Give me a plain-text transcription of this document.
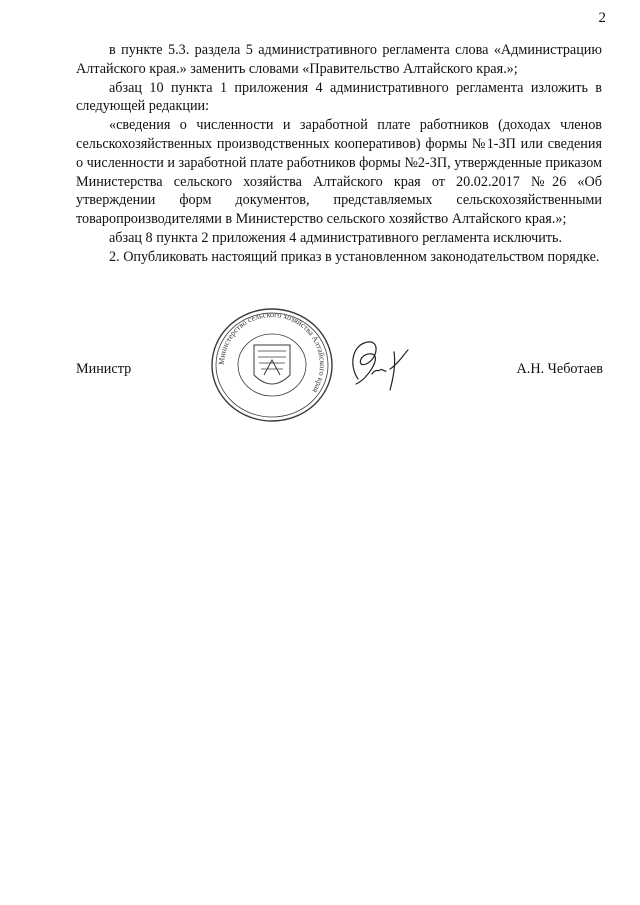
2

в пункте 5.3. раздела 5 административного регламента слова «Администрацию Алтайского края.» заменить словами «Правительство Алтайского края.»;

абзац 10 пункта 1 приложения 4 административного регламента изложить в следующей редакции:

«сведения о численности и заработной плате работников (доходах членов сельскохозяйственных производственных кооперативов) формы №1-ЗП или сведения о численности и заработной плате работников формы №2-ЗП, утвержденные приказом Министерства сельского хозяйства Алтайского края от 20.02.2017 №26 «Об утверждении форм документов, представляемых сельскохозяйственными товаропроизводителями в Министерство сельского хозяйство Алтайского края.»;

абзац 8 пункта 2 приложения 4 административного регламента исключить.

2. Опубликовать настоящий приказ в установленном законодательством порядке.

Министерство сельского хозяйства Алтайского края
Министр	А.Н. Чеботаев
